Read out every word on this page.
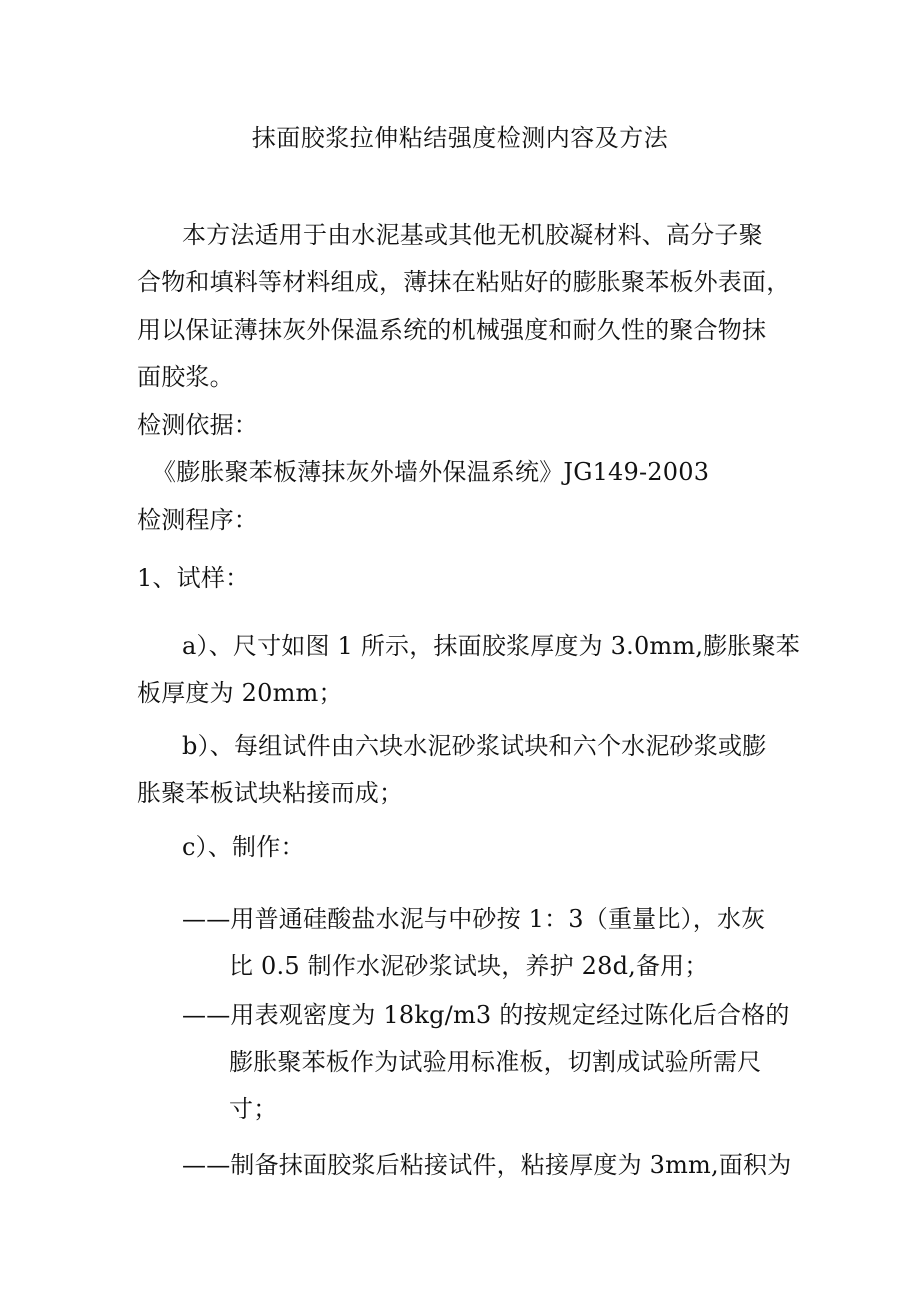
抹面胶浆拉伸粘结强度检测内容及方法
本方法适用于由水泥基或其他无机胶凝材料、高分子聚
合物和填料等材料组成，薄抹在粘贴好的膨胀聚苯板外表面，
用以保证薄抹灰外保温系统的机械强度和耐久性的聚合物抹
面胶浆。
检测依据：
《膨胀聚苯板薄抹灰外墙外保温系统》JG149-2003
检测程序：
1、试样：
a）、尺寸如图 1 所示，抹面胶浆厚度为 3.0mm,膨胀聚苯
板厚度为 20mm；
b）、每组试件由六块水泥砂浆试块和六个水泥砂浆或膨
胀聚苯板试块粘接而成；
c）、制作：
——用普通硅酸盐水泥与中砂按 1：3（重量比），水灰
比 0.5 制作水泥砂浆试块，养护 28d,备用；
——用表观密度为 18kg∕m3 的按规定经过陈化后合格的
膨胀聚苯板作为试验用标准板，切割成试验所需尺
寸；
——制备抹面胶浆后粘接试件，粘接厚度为 3mm,面积为
